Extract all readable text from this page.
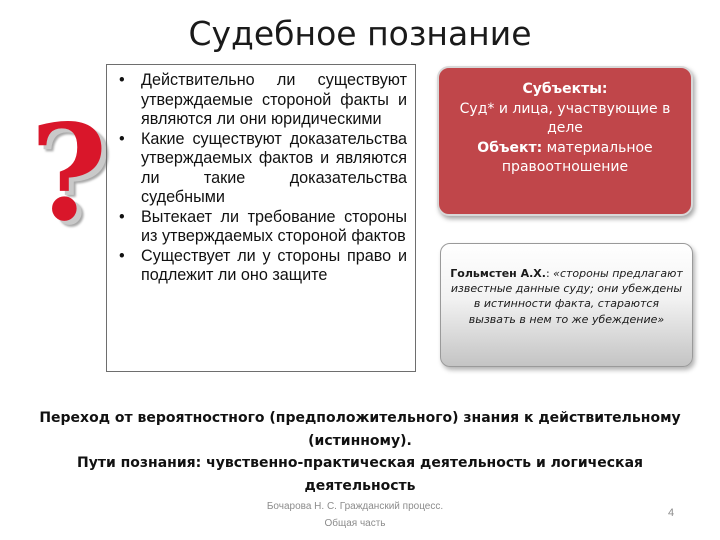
Судебное познание
?
• Действительно ли существуют утверждаемые стороной факты и являются ли они юридическими
• Какие существуют доказательства утверждаемых фактов и являются ли такие доказательства судебными
• Вытекает ли требование стороны из утверждаемых стороной фактов
• Существует ли у стороны право и подлежит ли оно защите
Субъекты:
Суд* и лица, участвующие в деле
Объект: материальное правоотношение
Гольмстен А.Х.: «стороны предлагают известные данные суду; они убеждены в истинности факта, стараются вызвать в нем то же убеждение»
Переход от вероятностного (предположительного) знания к действительному (истинному).
Пути познания: чувственно-практическая деятельность и логическая деятельность
Бочарова Н. С. Гражданский процесс.
Общая часть
4
